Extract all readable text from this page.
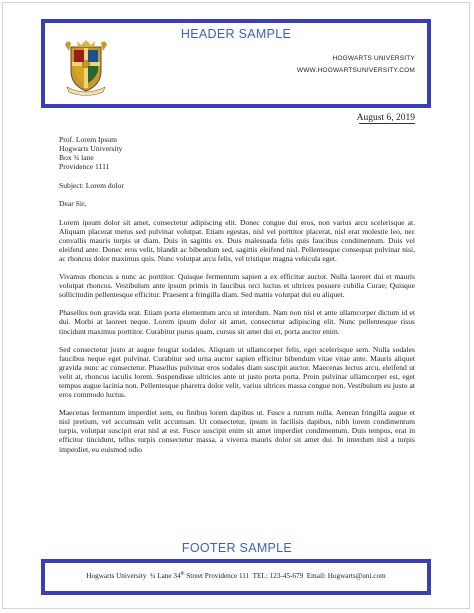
HEADER SAMPLE
HOGWARTS UNIVERSITY
WWW.HOGWARTSUNIVERSITY.COM
August 6, 2019

Prof. Lorem Ipsum

Hogwarts University

Box ¾ lane

Providence 1111

Subject: Lorem dolor
Dear Sir,

Lorem ipsum dolor sit amet, consectetur adipiscing elit. Donec congue dui eros, non varius arcu scelerisque at. Aliquam placerat metus sed pulvinar volutpat. Etiam egestas, nisl vel porttitor placerat, nisl erat molestie leo, nec convallis mauris turpis ut diam. Duis in sagittis ex. Duis malesuada felis quis faucibus condimentum. Duis vel eleifend ante. Donec eros velit, blandit ac bibendum sed, sagittis eleifend nisl. Pellentesque consequat pulvinar nisi, ac rhoncus dolor maximus quis. Nunc volutpat arcu felis, vel tristique magna vehicula eget.

Vivamus rhoncus a nunc ac porttitor. Quisque fermentum sapien a ex efficitur auctor. Nulla laoreet dui et mauris volutpat rhoncus. Vestibulum ante ipsum primis in faucibus orci luctus et ultrices posuere cubilia Curae; Quisque sollicitudin pellentesque efficitur. Praesent a fringilla diam. Sed mattis volutpat dui eu aliquet.

Phasellus non gravida erat. Etiam porta elementum arcu ut interdum. Nam non nisl et ante ullamcorper dictum id et dui. Morbi at laoreet neque. Lorem ipsum dolor sit amet, consectetur adipiscing elit. Nunc pellentesque risus tincidunt maximus porttitor. Curabitur purus quam, cursus sit amet dui et, porta auctor enim.

Sed consectetur justo at augue feugiat sodales. Aliquam ut ullamcorper felis, eget scelerisque sem. Nulla sodales faucibus neque eget pulvinar. Curabitur sed urna auctor sapien efficitur bibendum vitae vitae ante. Mauris aliquet gravida nunc ac consectetur. Phasellus pulvinar eros sodales diam suscipit auctor. Maecenas lectus arcu, eleifend ut velit at, rhoncus iaculis lorem. Suspendisse ultricies ante ut justo porta porta. Proin pulvinar ullamcorper est, eget tempus augue lacinia non. Pellentesque pharetra dolor velit, varius ultrices massa congue non. Vestibulum eu justo at eros commodo luctus.

Maecenas fermentum imperdiet sem, eu finibus lorem dapibus ut. Fusce a rutrum nulla. Aenean fringilla augue et nisl pretium, vel accumsan velit accumsan. Ut consectetur, ipsum in facilisis dapibus, nibh lorem condimentum turpis, volutpat suscipit erat nisl at est. Fusce suscipit enim sit amet imperdiet condimentum. Duis tempus, erat in efficitur tincidunt, tellus turpis consectetur massa, a viverra mauris dolor sit amet dui. In interdum nisl a turpis imperdiet, eu euismod odio

FOOTER SAMPLE
Hogwarts University ¾ Lane 34th Street Providence 111 TEL: 123-45-679 Email: Hogwarts@uni.com
